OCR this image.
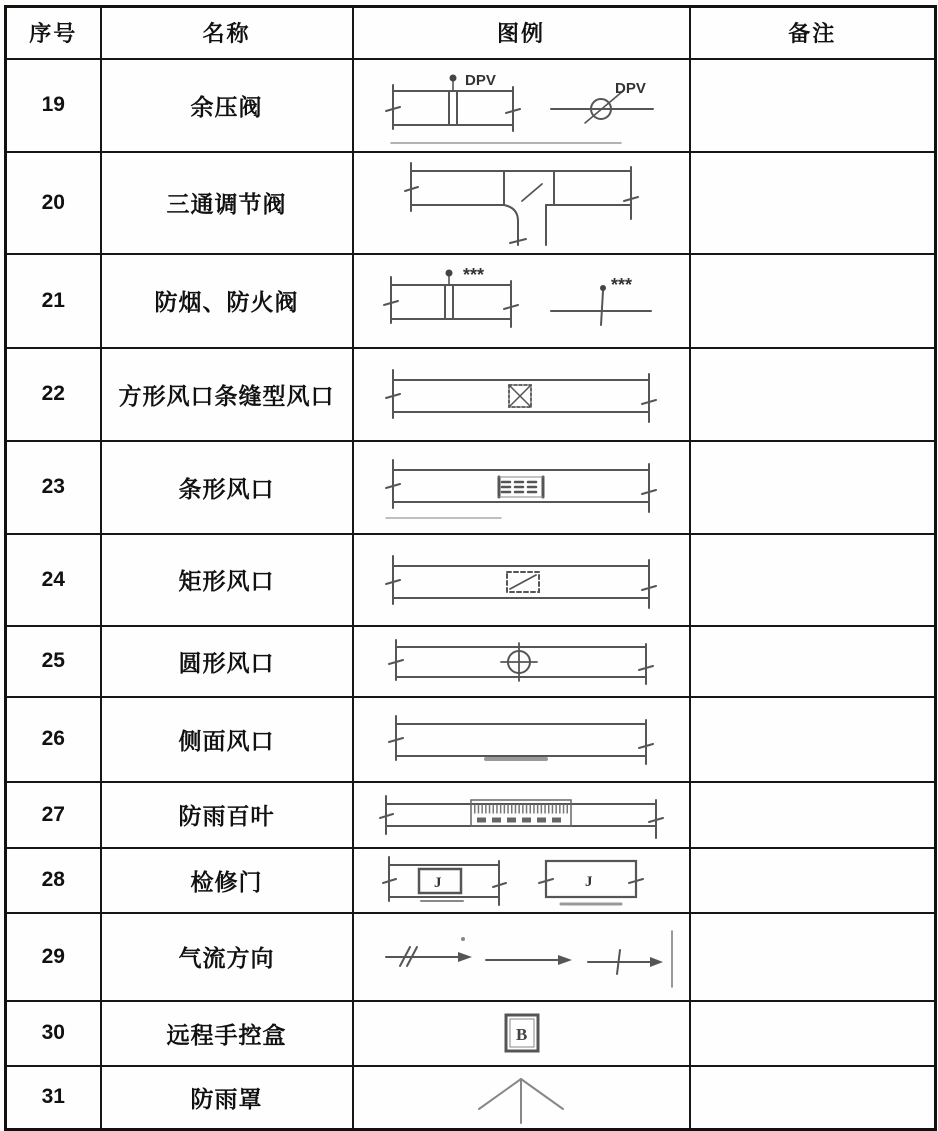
序号	名称	图例	备注
19	余压阀	DPV DPV	

20	三通调节阀		
21	防烟、防火阀	*** ***	

22	方形风口条缝型风口		
23	条形风口		
24	矩形风口		
25	圆形风口		
26	侧面风口		
27	防雨百叶		
28	检修门	J J	

29	气流方向		
30	远程手控盒	B	

31	防雨罩		
